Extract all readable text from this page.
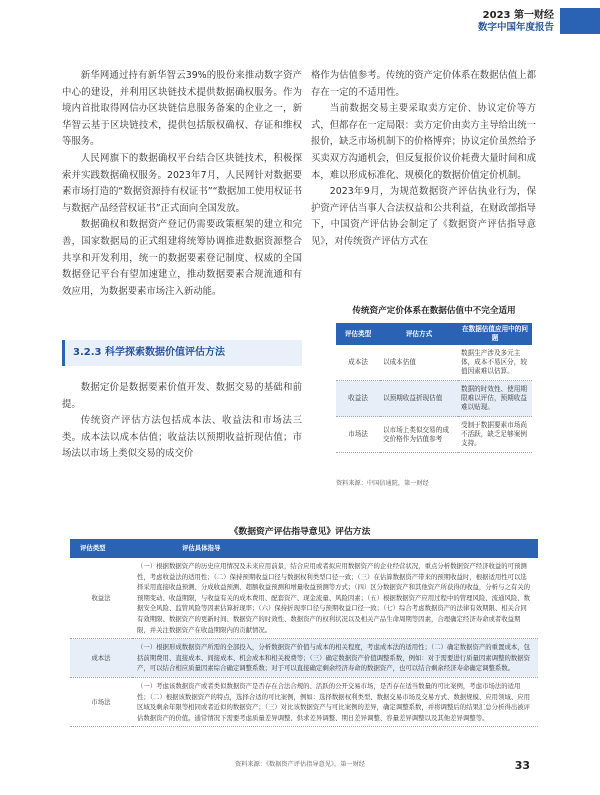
2023 第一财经
数字中国年度报告

新华网通过持有新华智云39%的股份来推动数字资产中心的建设，并利用区块链技术提供数据确权服务。作为境内首批取得网信办区块链信息服务备案的企业之一，新华智云基于区块链技术，提供包括版权确权、存证和维权等服务。

人民网旗下的数据确权平台结合区块链技术，积极探索并实践数据确权服务。2023年7月，人民网针对数据要素市场打造的“数据资源持有权证书”“数据加工使用权证书与数据产品经营权证书”正式面向全国发放。

数据确权和数据资产登记仍需要政策框架的建立和完善，国家数据局的正式组建将统筹协调推进数据资源整合共享和开发利用，统一的数据要素登记制度、权威的全国数据登记平台有望加速建立，推动数据要素合规流通和有效应用，为数据要素市场注入新动能。

3.2.3 科学探索数据价值评估方法

数据定价是数据要素价值开发、数据交易的基础和前提。

传统资产评估方法包括成本法、收益法和市场法三类。成本法以成本估值；收益法以预期收益折现估值；市场法以市场上类似交易的成交价

格作为估值参考。传统的资产定价体系在数据估值上都存在一定的不适用性。

当前数据交易主要采取卖方定价、协议定价等方式，但都存在一定局限：卖方定价由卖方主导给出统一报价，缺乏市场机制下的价格博弈；协议定价虽然给予买卖双方沟通机会，但反复报价议价耗费大量时间和成本，难以形成标准化、规模化的数据价值定价机制。

2023年9月，为规范数据资产评估执业行为，保护资产评估当事人合法权益和公共利益，在财政部指导下，中国资产评估协会制定了《数据资产评估指导意见》，对传统资产评估方式在

传统资产定价体系在数据估值中不完全适用
评估类型	评估方式	在数据估值应用中的问题
成本法	以成本估值	数据生产涉及多元主体，成本不易区分，较值因素难以估算。
收益法	以预期收益折现估值	数据的时效性、使用期限难以评估，预期收益难以贴现。
市场法	以市场上类似交易的成交价格作为估值参考	受制于数据要素市场尚不活跃，缺乏足够案例支持。
资料来源：中国信通院，第一财经
《数据资产评估指导意见》评估方法
评估类型	评估具体指导
收益法	（一）根据数据资产的历史应用情况及未来应用前景，结合应用或者拟应用数据资产的企业经营状况，重点分析数据资产经济收益的可预测性，考虑收益法的适用性；（二）保持预期收益口径与数据权利类型口径一致；（三）在估算数据资产带来的预期收益时，根据适用性可以选择采用直接收益预测、分成收益预测、超额收益预测和增量收益预测等方式；（四）区分数据资产和其他资产所获得的收益，分析与之有关的预期变动、收益期限，与收益有关的成本费用、配套资产、现金流量、风险因素；（五）根据数据资产应用过程中的管理风险、流通风险、数据安全风险、监管风险等因素估算折现率；（六）保持折现率口径与预期收益口径一致；（七）综合考虑数据资产的法律有效期限、相关合同有效期限、数据资产的更新时间、数据资产的时效性、数据资产的权利状况以及相关产品生命周期等因素，合理确定经济寿命或者收益期限，并关注数据资产在收益期限内的贡献情况。
成本法	（一）根据形成数据资产所需的全部投入，分析数据资产价值与成本的相关程度，考虑成本法的适用性；（二）确定数据资产的重置成本，包括前期费用、直接成本、间接成本、机会成本和相关税费等；（三）确定数据资产价值调整系数，例如：对于需要进行质量因素调整的数据资产，可以结合相应质量因素综合确定调整系数；对于可以直接确定剩余经济寿命的数据资产，也可以结合剩余经济寿命确定调整系数。
市场法	（一）考虑该数据资产或者类似数据资产是否存在合法合规的、活跃的公开交易市场，是否存在适当数量的可比案例，考虑市场法的适用性；（二）根据该数据资产的特点，选择合适的可比案例，例如：选择数据权利类型、数据交易市场及交易方式、数据规模、应用领域、应用区域及剩余年限等相同或者近似的数据资产；（三）对比该数据资产与可比案例的差异，确定调整系数，并将调整后的结果汇总分析得出被评估数据资产的价值。通常情况下需要考虑质量差异调整、供求差异调整、期日差异调整、容量差异调整以及其他差异调整等。
资料来源：《数据资产评估指导意见》，第一财经	33
